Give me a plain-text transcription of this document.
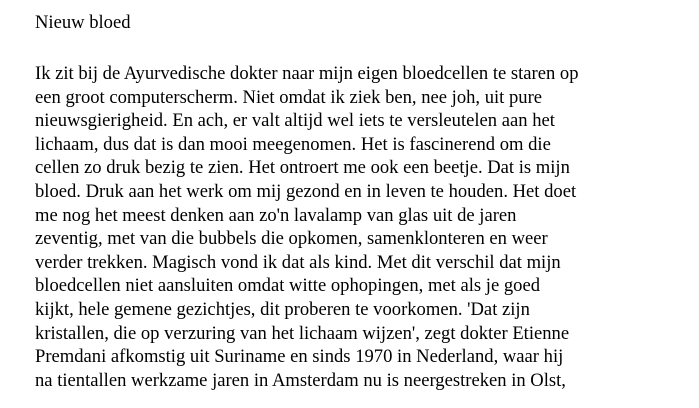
Nieuw bloed
Ik zit bij de Ayurvedische dokter naar mijn eigen bloedcellen te staren op
een groot computerscherm. Niet omdat ik ziek ben, nee joh, uit pure
nieuwsgierigheid. En ach, er valt altijd wel iets te versleutelen aan het
lichaam, dus dat is dan mooi meegenomen. Het is fascinerend om die
cellen zo druk bezig te zien. Het ontroert me ook een beetje. Dat is mijn
bloed. Druk aan het werk om mij gezond en in leven te houden. Het doet
me nog het meest denken aan zo'n lavalamp van glas uit de jaren
zeventig, met van die bubbels die opkomen, samenklonteren en weer
verder trekken. Magisch vond ik dat als kind. Met dit verschil dat mijn
bloedcellen niet aansluiten omdat witte ophopingen, met als je goed
kijkt, hele gemene gezichtjes, dit proberen te voorkomen. 'Dat zijn
kristallen, die op verzuring van het lichaam wijzen', zegt dokter Etienne
Premdani afkomstig uit Suriname en sinds 1970 in Nederland, waar hij
na tientallen werkzame jaren in Amsterdam nu is neergestreken in Olst,
